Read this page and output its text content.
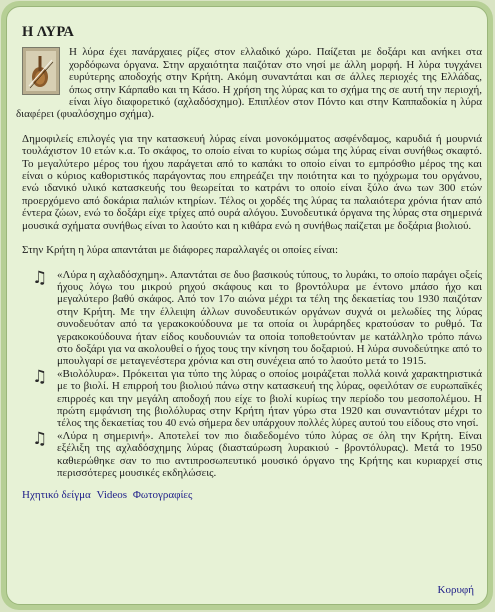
Η ΛΥΡΑ

Η λύρα έχει πανάρχαιες ρίζες στον ελλαδικό χώρο. Παίζεται με δοξάρι και ανήκει στα χορδόφωνα όργανα. Στην αρχαιότητα παιζόταν στο νησί με άλλη μορφή. Η λύρα τυγχάνει ευρύτερης αποδοχής στην Κρήτη. Ακόμη συναντάται και σε άλλες περιοχές της Ελλάδας, όπως στην Κάρπαθο και τη Κάσο. Η χρήση της λύρας και το σχήμα της σε αυτή την περιοχή, είναι λίγο διαφορετικό (αχλαδόσχημο). Επιπλέον στον Πόντο και στην Καππαδοκία η λύρα διαφέρει (φυαλόσχημο σχήμα).

Δημοφιλείς επιλογές για την κατασκευή λύρας είναι μονοκόμματος ασφένδαμος, καρυδιά ή μουρνιά τουλάχιστον 10 ετών κ.α. Το σκάφος, το οποίο είναι το κυρίως σώμα της λύρας είναι συνήθως σκαφτό. Το μεγαλύτερο μέρος του ήχου παράγεται από το καπάκι το οποίο είναι το εμπρόσθιο μέρος της και είναι ο κύριος καθοριστικός παράγοντας που επηρεάζει την ποιότητα και το ηχόχρωμα του οργάνου, ενώ ιδανικό υλικό κατασκευής του θεωρείται το κατράνι το οποίο είναι ξύλο άνω των 300 ετών προερχόμενο από δοκάρια παλιών κτηρίων. Τέλος οι χορδές της λύρας τα παλαιότερα χρόνια ήταν από έντερα ζώων, ενώ το δοξάρι είχε τρίχες από ουρά αλόγου. Συνοδευτικά όργανα της λύρας στα σημερινά μουσικά σχήματα συνήθως είναι το λαούτο και η κιθάρα ενώ η συνήθως παίζεται με δοξάρια βιολιού.

Στην Κρήτη η λύρα απαντάται με διάφορες παραλλαγές οι οποίες είναι:

♫ «Λύρα η αχλαδόσχημη». Απαντάται σε δυο βασικούς τύπους, το λυράκι, το οποίο παράγει οξείς ήχους λόγω του μικρού ρηχού σκάφους και το βροντόλυρα με έντονο μπάσο ήχο και μεγαλύτερο βαθύ σκάφος. Από τον 17ο αιώνα μέχρι τα τέλη της δεκαετίας του 1930 παιζόταν στην Κρήτη. Με την έλλειψη άλλων συνοδευτικών οργάνων συχνά οι μελωδίες της λύρας συνοδευόταν από τα γερακοκούδουνα με τα οποία οι λυράρηδες κρατούσαν το ρυθμό. Τα γερακοκούδουνα ήταν είδος κουδουνιών τα οποία τοποθετούνταν με κατάλληλο τρόπο πάνω στο δοξάρι για να ακολουθεί ο ήχος τους την κίνηση του δοξαριού. Η λύρα συνοδεύτηκε από το μπουλγαρί σε μεταγενέστερα χρόνια και στη συνέχεια από το λαούτο μετά το 1915.
♫ «Βιολόλυρα». Πρόκειται για τύπο της λύρας ο οποίος μοιράζεται πολλά κοινά χαρακτηριστικά με το βιολί. Η επιρροή του βιολιού πάνω στην κατασκευή της λύρας, οφειλόταν σε ευρωπαϊκές επιρροές και την μεγάλη αποδοχή που είχε το βιολί κυρίως την περίοδο του μεσοπολέμου. Η πρώτη εμφάνιση της βιολόλυρας στην Κρήτη ήταν γύρω στα 1920 και συναντιόταν μέχρι το τέλος της δεκαετίας του 40 ενώ σήμερα δεν υπάρχουν πολλές λύρες αυτού του είδους στο νησί.
♫ «Λύρα η σημερινή». Αποτελεί τον πιο διαδεδομένο τύπο λύρας σε όλη την Κρήτη. Είναι εξέλιξη της αχλαδόσχημης λύρας (διασταύρωση λυρακιού - βροντόλυρας). Μετά το 1950 καθιερώθηκε σαν το πιο αντιπροσωπευτικό μουσικό όργανο της Κρήτης και κυριαρχεί στις περισσότερες μουσικές εκδηλώσεις.
Ηχητικό δείγμα Videos Φωτογραφίες
Κορυφή
